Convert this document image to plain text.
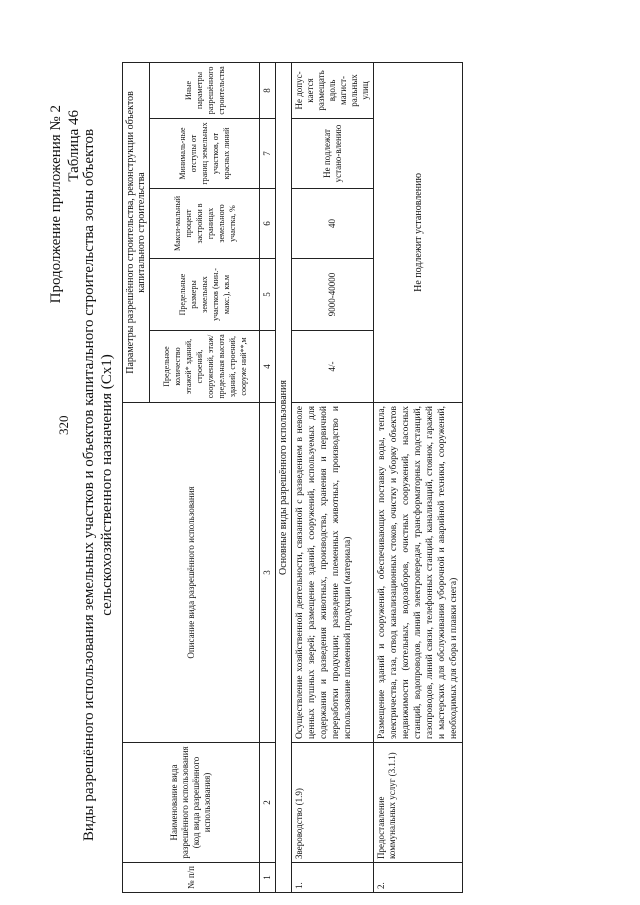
Продолжение приложения № 2 Таблица 46
320 Виды разрешённого использования земельных участков и объектов капитального строительства зоны объектов сельскохозяйственного назначения (Сх1)
№ п/п	Наименование вида разрешённого использования (код вида разрешённого использования)	Описание вида разрешённого использования	Параметры разрешённого строительства, реконструкции объектов капитального строительства				
			Предельное количество этажей* зданий, строений, сооружений, этаж/ предельная высота зданий, строений, сооруже ний**,м	Предельные размеры земельных участков (мин.-макс.), кв.м	Макси-мальный процент застройки в границах земельного участка, %	Минималь-ные отступы от границ земельных участков, от красных линий	Иные параметры разрешённого строительства
1	2	3	4	5	6	7	8
Основные виды разрешённого использования							
1.	Звероводство (1.9)	Осуществление хозяйственной деятельности, связанной с разведением в неволе ценных пушных зверей; размещение зданий, сооружений, используемых для содержания и разведения животных, производства, хранения и первичной переработки продукции; разведение племенных животных, производство и использование племенной продукции (материала)	4/-	9000-40000	40	Не подлежат устано-влению	Не допус-кается размещать вдоль магист-ральных улиц
2.	Предоставление коммунальных услуг (3.1.1)	Размещение зданий и сооружений, обеспечивающих поставку воды, тепла, электричества, газа, отвод канализационных стоков, очистку и уборку объектов недвижимости (котельных, водозаборов, очистных сооружений, насосных станций, водопроводов, линий электропередач, трансформаторных подстанций, газопроводов, линий связи, телефонных станций, канализаций, стоянок, гаражей и мастерских для обслуживания уборочной и аварийной техники, сооружений, необходимых для сбора и плавки снега)	Не подлежит установлению				
